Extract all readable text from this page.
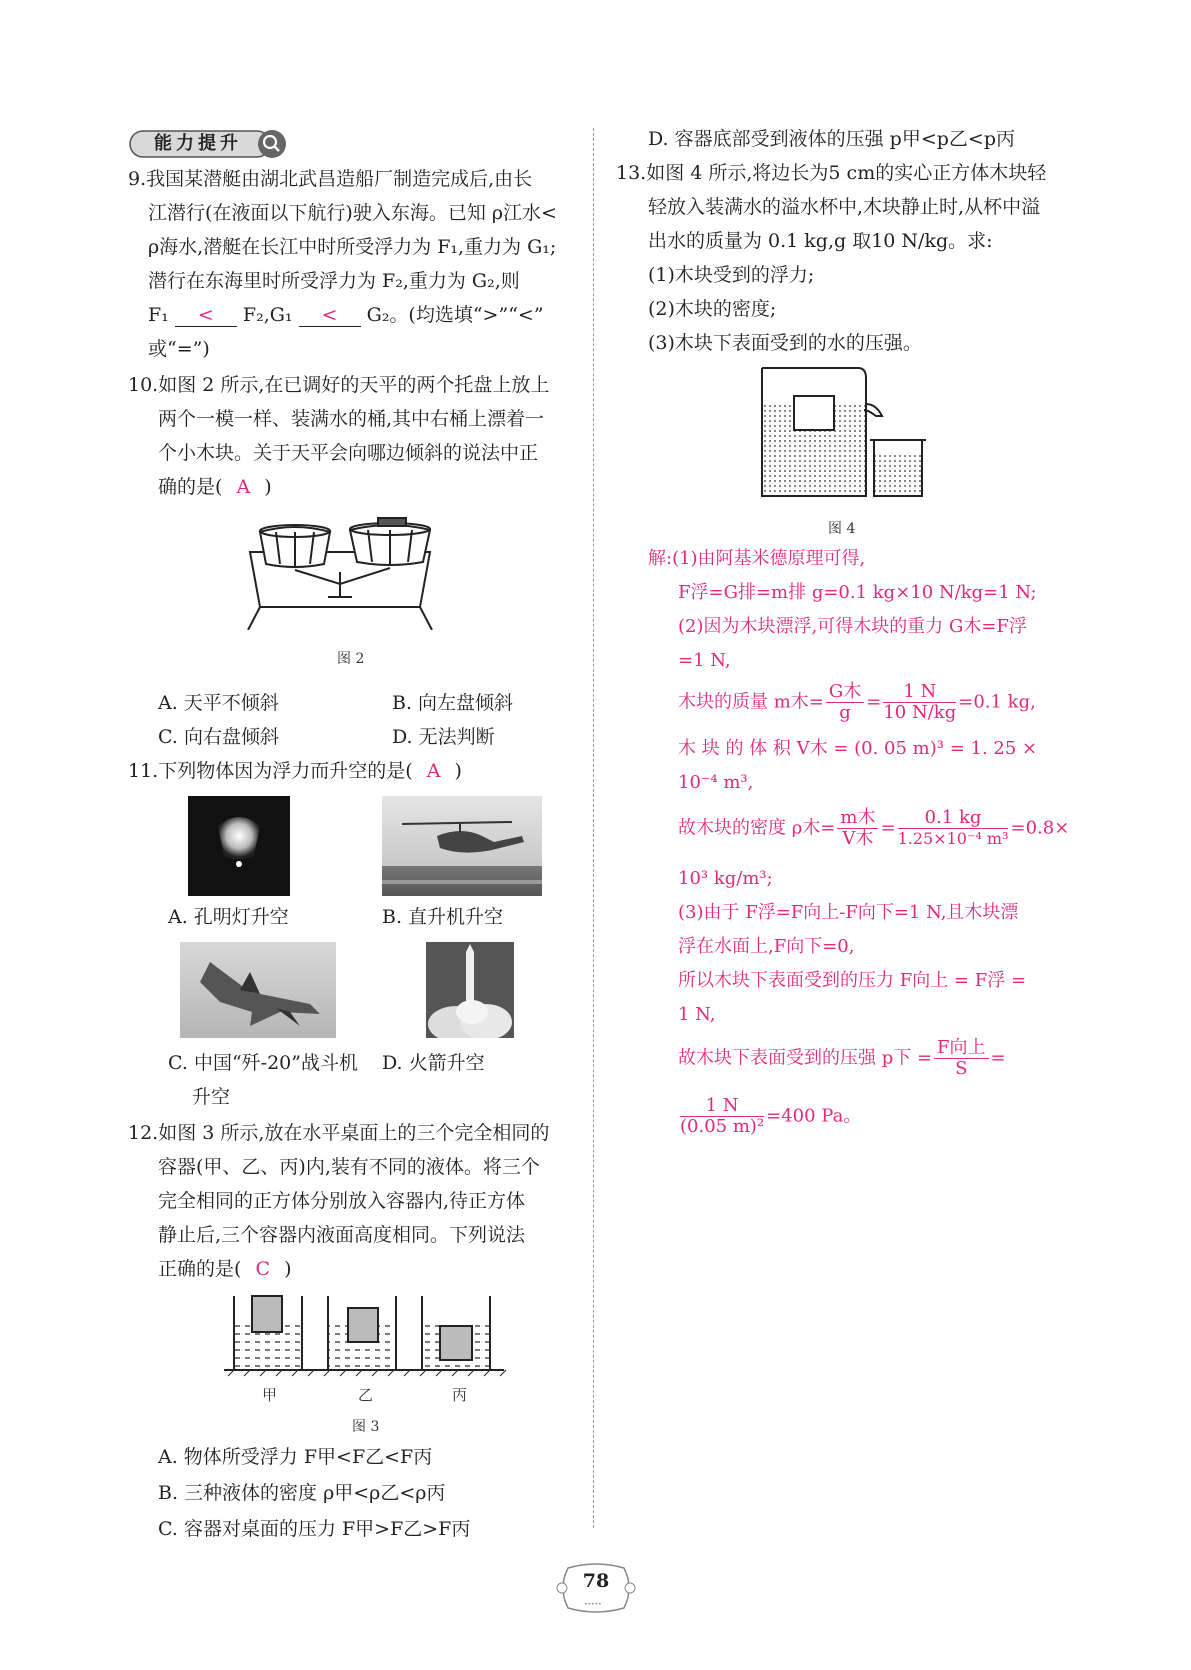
能力提升
9.我国某潜艇由湖北武昌造船厂制造完成后,由长
江潜行(在液面以下航行)驶入东海。已知 ρ江水<
ρ海水,潜艇在长江中时所受浮力为 F₁,重力为 G₁;
潜行在东海里时所受浮力为 F₂,重力为 G₂,则
F₁ < F₂,G₁ < G₂。(均选填“>”“<”
或“=”)
10.如图 2 所示,在已调好的天平的两个托盘上放上
两个一模一样、装满水的桶,其中右桶上漂着一
个小木块。关于天平会向哪边倾斜的说法中正
确的是( A )
图 2
A. 天平不倾斜	B. 向左盘倾斜
C. 向右盘倾斜	D. 无法判断
11.下列物体因为浮力而升空的是( A )
A. 孔明灯升空	B. 直升机升空
C. 中国“歼-20”战斗机
升空
D. 火箭升空
12.如图 3 所示,放在水平桌面上的三个完全相同的
容器(甲、乙、丙)内,装有不同的液体。将三个
完全相同的正方体分别放入容器内,待正方体
静止后,三个容器内液面高度相同。下列说法
正确的是( C )
甲	乙	丙
图 3
A. 物体所受浮力 F甲<F乙<F丙
B. 三种液体的密度 ρ甲<ρ乙<ρ丙
C. 容器对桌面的压力 F甲>F乙>F丙
D. 容器底部受到液体的压强 p甲<p乙<p丙
13.如图 4 所示,将边长为5 cm的实心正方体木块轻
轻放入装满水的溢水杯中,木块静止时,从杯中溢
出水的质量为 0.1 kg,g 取10 N/kg。求:
(1)木块受到的浮力;
(2)木块的密度;
(3)木块下表面受到的水的压强。
图 4
解:(1)由阿基米德原理可得,
F浮=G排=m排 g=0.1 kg×10 N/kg=1 N;
(2)因为木块漂浮,可得木块的重力 G木=F浮
=1 N,
木块的质量 m木= $\frac{\text{G木}}{g} = \frac{1 N}{10 N/kg} =0.1$ kg,
木 块 的 体 积 V木 = (0. 05 m)³ = 1. 25 ×
10⁻⁴ m³,
故木块的密度 ρ木= $\frac{\text{m木}}{\text{V木}} = \frac{0.1 kg}{\text{1.25×10⁻⁴ m³}} =0.8\times$
10³ kg/m³;
(3)由于 F浮=F向上-F向下=1 N,且木块漂
浮在水面上,F向下=0,
所以木块下表面受到的压力 F向上 = F浮 =
1 N,
故木块下表面受到的压强 p下 = $\frac{\text{F向上}}{S}$ =
$\frac{1 N}{\text{(0.05 m)²}} =400$ Pa。
•••••
78
